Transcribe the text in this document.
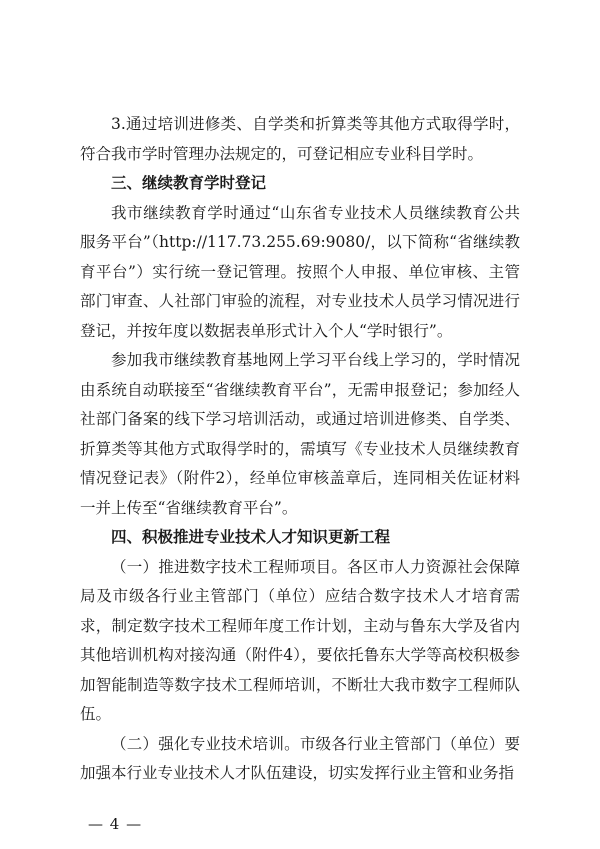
3.通过培训进修类、自学类和折算类等其他方式取得学时，符合我市学时管理办法规定的，可登记相应专业科目学时。

三、继续教育学时登记

我市继续教育学时通过“山东省专业技术人员继续教育公共服务平台”（http://117.73.255.69:9080/，以下简称“省继续教育平台”）实行统一登记管理。按照个人申报、单位审核、主管部门审查、人社部门审验的流程，对专业技术人员学习情况进行登记，并按年度以数据表单形式计入个人“学时银行”。

参加我市继续教育基地网上学习平台线上学习的，学时情况由系统自动联接至“省继续教育平台”，无需申报登记；参加经人社部门备案的线下学习培训活动，或通过培训进修类、自学类、折算类等其他方式取得学时的，需填写《专业技术人员继续教育情况登记表》（附件2），经单位审核盖章后，连同相关佐证材料一并上传至“省继续教育平台”。

四、积极推进专业技术人才知识更新工程

（一）推进数字技术工程师项目。各区市人力资源社会保障局及市级各行业主管部门（单位）应结合数字技术人才培育需求，制定数字技术工程师年度工作计划，主动与鲁东大学及省内其他培训机构对接沟通（附件4），要依托鲁东大学等高校积极参加智能制造等数字技术工程师培训，不断壮大我市数字工程师队伍。

（二）强化专业技术培训。市级各行业主管部门（单位）要加强本行业专业技术人才队伍建设，切实发挥行业主管和业务指

— 4 —
